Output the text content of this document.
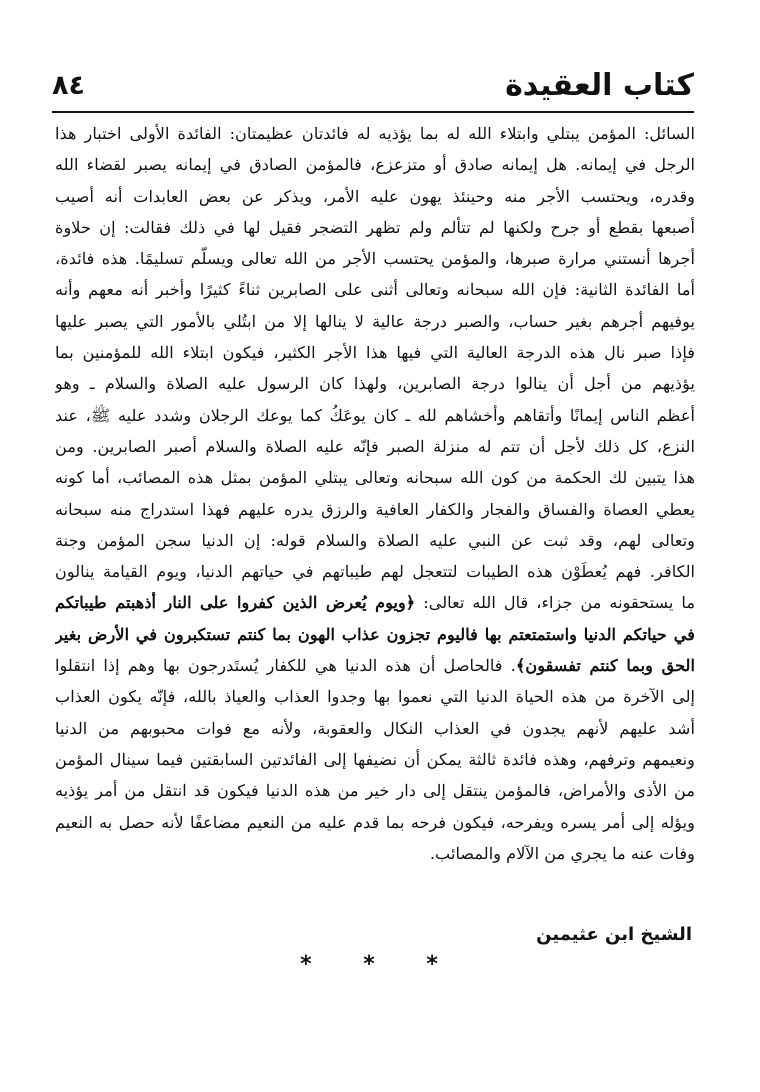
كتاب العقيدة
٨٤
السائل: المؤمن يبتلي وابتلاء الله له بما يؤذيه له فائدتان عظيمتان: الفائدة الأولى اختبار هذا
الرجل في إيمانه. هل إيمانه صادق أو متزعزع، فالمؤمن الصادق في إيمانه يصبر لقضاء الله
وقدره، ويحتسب الأجر منه وحينئذ يهون عليه الأمر، ويذكر عن بعض العابدات أنه أصيب
أصبعها بقطع أو جرح ولكنها لم تتألم ولم تظهر التضجر فقيل لها في ذلك فقالت: إن حلاوة
أجرها أنستني مرارة صبرها، والمؤمن يحتسب الأجر من الله تعالى ويسلّم تسليمًا. هذه فائدة،
أما الفائدة الثانية: فإن الله سبحانه وتعالى أثنى على الصابرين ثناءً كثيرًا وأخبر أنه معهم وأنه
يوفيهم أجرهم بغير حساب، والصبر درجة عالية لا ينالها إلا من ابتُلي بالأمور التي يصبر عليها
فإذا صبر نال هذه الدرجة العالية التي فيها هذا الأجر الكثير، فيكون ابتلاء الله للمؤمنين بما
يؤذيهم من أجل أن ينالوا درجة الصابرين، ولهذا كان الرسول عليه الصلاة والسلام ـ وهو
أعظم الناس إيمانًا وأتقاهم وأخشاهم لله ـ كان يوعَكُ كما يوعك الرجلان وشدد عليه ﷺ، عند
النزع، كل ذلك لأجل أن تتم له منزلة الصبر فإنّه عليه الصلاة والسلام أصبر الصابرين. ومن
هذا يتبين لك الحكمة من كون الله سبحانه وتعالى يبتلي المؤمن بمثل هذه المصائب، أما كونه
يعطي العصاة والفساق والفجار والكفار العافية والرزق يدره عليهم فهذا استدراج منه سبحانه
وتعالى لهم، وقد ثبت عن النبي عليه الصلاة والسلام قوله: إن الدنيا سجن المؤمن وجنة
الكافر. فهم يُعطَوْن هذه الطيبات لتتعجل لهم طيباتهم في حياتهم الدنيا، ويوم القيامة ينالون
ما يستحقونه من جزاء، قال الله تعالى: ﴿ويوم يُعرض الذين كفروا على النار أذهبتم طيباتكم
في حياتكم الدنيا واستمتعتم بها فاليوم تجزون عذاب الهون بما كنتم تستكبرون في الأرض بغير
الحق وبما كنتم تفسقون﴾. فالحاصل أن هذه الدنيا هي للكفار يُستَدرجون بها وهم إذا انتقلوا
إلى الآخرة من هذه الحياة الدنيا التي نعموا بها وجدوا العذاب والعياذ بالله، فإنّه يكون العذاب
أشد عليهم لأنهم يجدون في العذاب النكال والعقوبة، ولأنه مع فوات محبوبهم من الدنيا
ونعيمهم وترفهم، وهذه فائدة ثالثة يمكن أن نضيفها إلى الفائدتين السابقتين فيما سينال المؤمن
من الأذى والأمراض، فالمؤمن ينتقل إلى دار خير من هذه الدنيا فيكون قد انتقل من أمر يؤذيه
ويؤله إلى أمر يسره ويفرحه، فيكون فرحه بما قدم عليه من النعيم مضاعفًا لأنه حصل به النعيم
وفات عنه ما يجري من الآلام والمصائب.
الشيخ ابن عثيمين
* * *
